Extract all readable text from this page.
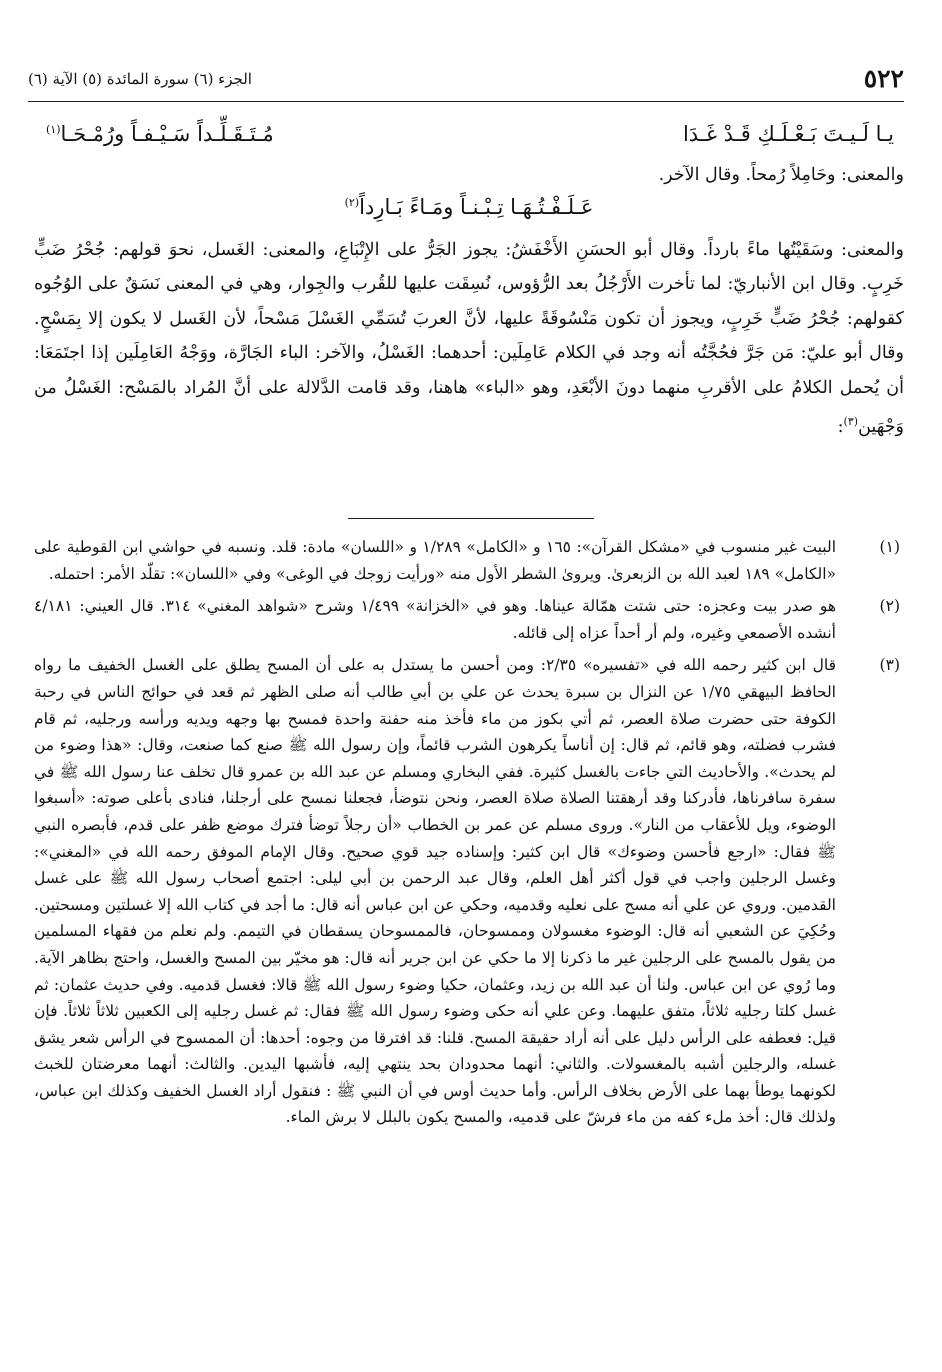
٥٢٢
الجزء (٦) سورة المائدة (٥) الآية (٦)
يـا لَـيـتَ بَـعْـلَـكِ قَـدْ غَـدَا
مُـتَـقَـلِّـداً سَـيْـفـاً ورُمْـحَـا$^{(١)}$

والمعنى: وحَامِلاً رُمحاً. وقال الآخر.

عَـلَـفْـتُـهَـا تِـبْـنـاً ومَـاءً بَـارِداً$^{(٢)}$

والمعنى: وسَقَيْتُها ماءً بارداً. وقال أبو الحسَنِ الأَخْفَشُ: يجوز الجَرُّ على الإِتْبَاعِ، والمعنى: الغَسل، نحوَ قولهم: جُحْرُ ضَبٍّ خَرِبٍ. وقال ابن الأنباريّ: لما تأخرت الأَرْجُلُ بعد الرُّؤوس، نُسِقَت عليها للقُرب والجِوار، وهي في المعنى نَسَقٌ على الوُجُوه كقولهم: جُحْرُ ضَبٍّ خَرِبٍ، ويجوز أن تكون مَنْسُوقَةً عليها، لأنَّ العربَ تُسَمِّي الغَسْلَ مَسْحاً، لأن الغَسل لا يكون إلا بِمَسْحٍ. وقال أبو عليّ: مَن جَرَّ فحُجَّتُه أنه وجد في الكلام عَامِلَين: أحدهما: الغَسْلُ، والآخر: الباء الجَارَّة، ووَجْهُ العَامِلَين إذا اجتَمَعَا: أن يُحمل الكلامُ على الأقربِ منهما دونَ الأبْعَدِ، وهو «الباء» هاهنا، وقد قامت الدَّلالة على أنَّ المُراد بالمَسْح: الغَسْلُ من وَجْهَين$^{(٣)}$:

(١)
البيت غير منسوب في «مشكل القرآن»: ١٦٥ و «الكامل» ١/٢٨٩ و «اللسان» مادة: قلد. ونسبه في حواشي ابن القوطية على «الكامل» ١٨٩ لعبد الله بن الزبعرىٰ. ويروىٰ الشطر الأول منه «ورأيت زوجك في الوغى» وفي «اللسان»: تقلّد الأمر: احتمله.
(٢)
هو صدر بيت وعجزه: حتى شتت همّالة عيناها. وهو في «الخزانة» ١/٤٩٩ وشرح «شواهد المغني» ٣١٤. قال العيني: ٤/١٨١ أنشده الأصمعي وغيره، ولم أر أحداً عزاه إلى قائله.
(٣)
قال ابن كثير رحمه الله في «تفسيره» ٢/٣٥: ومن أحسن ما يستدل به على أن المسح يطلق على الغسل الخفيف ما رواه الحافظ البيهقي ١/٧٥ عن النزال بن سبرة يحدث عن علي بن أبي طالب أنه صلى الظهر ثم قعد في حوائج الناس في رحبة الكوفة حتى حضرت صلاة العصر، ثم أتي بكوز من ماء فأخذ منه حفنة واحدة فمسح بها وجهه ويديه ورأسه ورجليه، ثم قام فشرب فضلته، وهو قائم، ثم قال: إن أناساً يكرهون الشرب قائماً، وإن رسول الله ﷺ صنع كما صنعت، وقال: «هذا وضوء من لم يحدث». والأحاديث التي جاءت بالغسل كثيرة. ففي البخاري ومسلم عن عبد الله بن عمرو قال تخلف عنا رسول الله ﷺ في سفرة سافرناها، فأدركنا وقد أرهقتنا الصلاة صلاة العصر، ونحن نتوضأ، فجعلنا نمسح على أرجلنا، فنادى بأعلى صوته: «أسبغوا الوضوء، ويل للأعقاب من النار». وروى مسلم عن عمر بن الخطاب «أن رجلاً توضأ فترك موضع ظفر على قدم، فأبصره النبي ﷺ فقال: «ارجع فأحسن وضوءك» قال ابن كثير: وإسناده جيد قوي صحيح. وقال الإمام الموفق رحمه الله في «المغني»: وغسل الرجلين واجب في قول أكثر أهل العلم، وقال عبد الرحمن بن أبي ليلى: اجتمع أصحاب رسول الله ﷺ على غسل القدمين. وروي عن علي أنه مسح على نعليه وقدميه، وحكي عن ابن عباس أنه قال: ما أجد في كتاب الله إلا غسلتين ومسحتين. وحُكِيَ عن الشعبي أنه قال: الوضوء مغسولان وممسوحان، فالممسوحان يسقطان في التيمم. ولم نعلم من فقهاء المسلمين من يقول بالمسح على الرجلين غير ما ذكرنا إلا ما حكي عن ابن جرير أنه قال: هو مخيّر بين المسح والغسل، واحتج بظاهر الآية. وما رُوي عن ابن عباس. ولنا أن عبد الله بن زيد، وعثمان، حكيا وضوء رسول الله ﷺ قالا: فغسل قدميه. وفي حديث عثمان: ثم غسل كلتا رجليه ثلاثاً، متفق عليهما. وعن علي أنه حكى وضوء رسول الله ﷺ فقال: ثم غسل رجليه إلى الكعبين ثلاثاً ثلاثاً. فإن قيل: فعطفه على الرأس دليل على أنه أراد حقيقة المسح. قلنا: قد افترقا من وجوه: أحدها: أن الممسوح في الرأس شعر يشق غسله، والرجلين أشبه بالمغسولات. والثاني: أنهما محدودان بحد ينتهي إليه، فأشبها اليدين. والثالث: أنهما معرضتان للخبث لكونهما يوطأ بهما على الأرض بخلاف الرأس. وأما حديث أوس في أن النبي ﷺ : فنقول أراد الغسل الخفيف وكذلك ابن عباس، ولذلك قال: أخذ ملء كفه من ماء فرشّ على قدميه، والمسح يكون بالبلل لا برش الماء.
